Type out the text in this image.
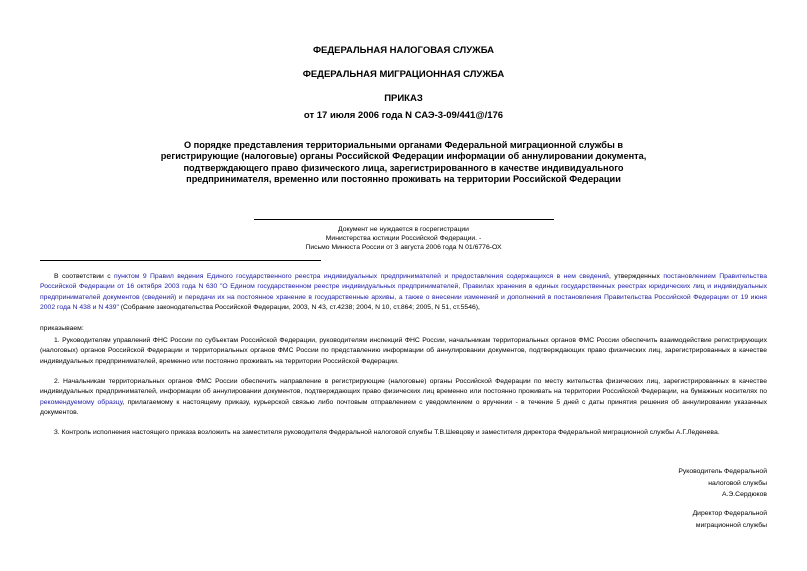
ФЕДЕРАЛЬНАЯ НАЛОГОВАЯ СЛУЖБА
ФЕДЕРАЛЬНАЯ МИГРАЦИОННАЯ СЛУЖБА
ПРИКАЗ
от 17 июля 2006 года N САЭ-3-09/441@/176
О порядке представления территориальными органами Федеральной миграционной службы в регистрирующие (налоговые) органы Российской Федерации информации об аннулировании документа, подтверждающего право физического лица, зарегистрированного в качестве индивидуального предпринимателя, временно или постоянно проживать на территории Российской Федерации
Документ не нуждается в госрегистрации
Министерства юстиции Российской Федерации. -
Письмо Минюста России от 3 августа 2006 года N 01/6776-ОХ
В соответствии с пунктом 9 Правил ведения Единого государственного реестра индивидуальных предпринимателей и предоставления содержащихся в нем сведений, утвержденных постановлением Правительства Российской Федерации от 16 октября 2003 года N 630 "О Едином государственном реестре индивидуальных предпринимателей, Правилах хранения в единых государственных реестрах юридических лиц и индивидуальных предпринимателей документов (сведений) и передачи их на постоянное хранение в государственные архивы, а также о внесении изменений и дополнений в постановления Правительства Российской Федерации от 19 июня 2002 года N 438 и N 439" (Собрание законодательства Российской Федерации, 2003, N 43, ст.4238; 2004, N 10, ст.864; 2005, N 51, ст.5546),
приказываем:
1. Руководителям управлений ФНС России по субъектам Российской Федерации, руководителям инспекций ФНС России, начальникам территориальных органов ФМС России обеспечить взаимодействие регистрирующих (налоговых) органов Российской Федерации и территориальных органов ФМС России по представлению информации об аннулировании документов, подтверждающих право физических лиц, зарегистрированных в качестве индивидуальных предпринимателей, временно или постоянно проживать на территории Российской Федерации.
2. Начальникам территориальных органов ФМС России обеспечить направление в регистрирующие (налоговые) органы Российской Федерации по месту жительства физических лиц, зарегистрированных в качестве индивидуальных предпринимателей, информации об аннулировании документов, подтверждающих право физических лиц временно или постоянно проживать на территории Российской Федерации, на бумажных носителях по рекомендуемому образцу, прилагаемому к настоящему приказу, курьерской связью либо почтовым отправлением с уведомлением о вручении - в течение 5 дней с даты принятия решения об аннулировании указанных документов.
3. Контроль исполнения настоящего приказа возложить на заместителя руководителя Федеральной налоговой службы Т.В.Шевцову и заместителя директора Федеральной миграционной службы А.Г.Леденева.
Руководитель Федеральной
налоговой службы
А.Э.Сердюков
Директор Федеральной
миграционной службы
